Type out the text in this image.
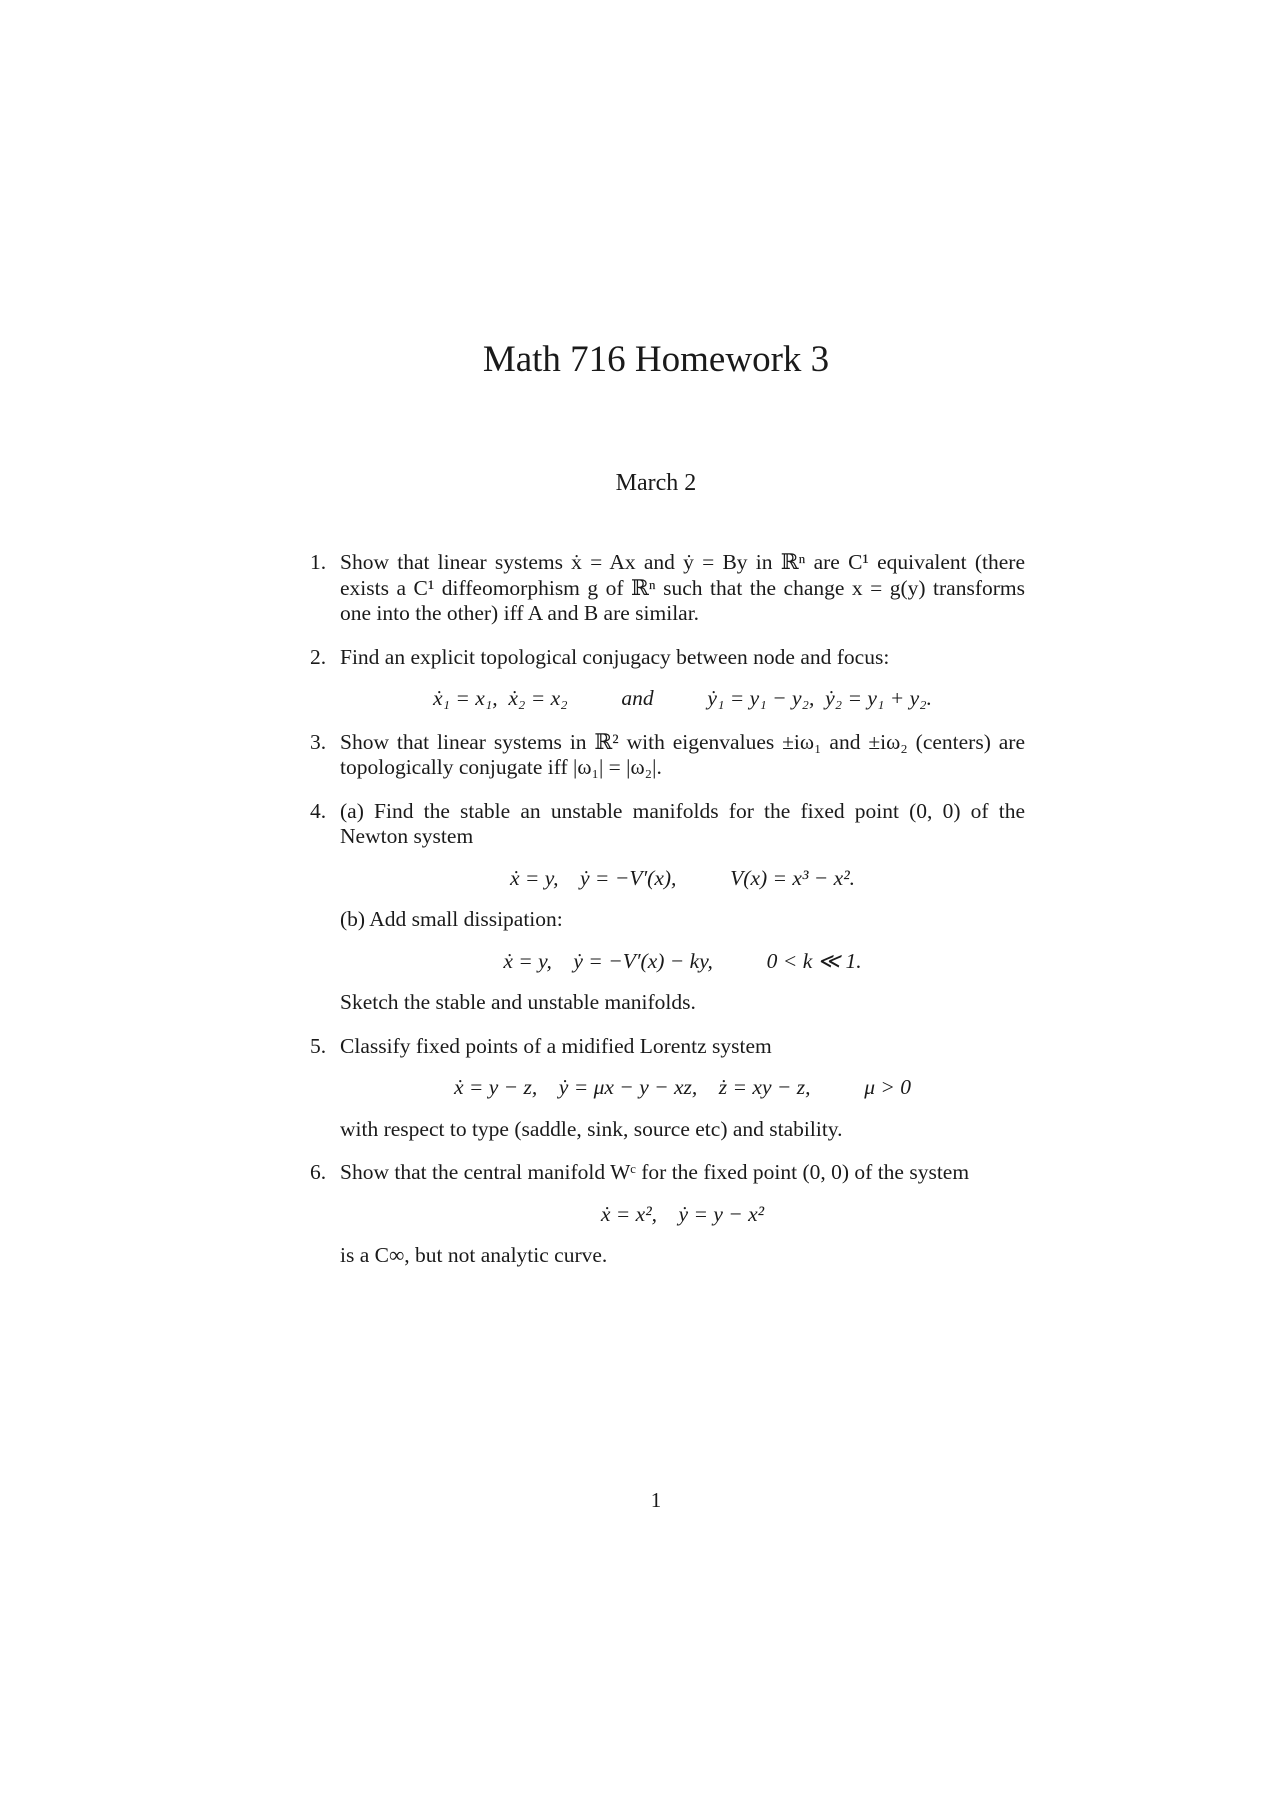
Math 716 Homework 3
March 2
1. Show that linear systems ẋ = Ax and ẏ = By in ℝⁿ are C¹ equivalent (there exists a C¹ diffeomorphism g of ℝⁿ such that the change x = g(y) transforms one into the other) iff A and B are similar.

2. Find an explicit topological conjugacy between node and focus:

ẋ₁ = x₁,  ẋ₂ = x₂          and          ẏ₁ = y₁ − y₂,  ẏ₂ = y₁ + y₂.
3. Show that linear systems in ℝ² with eigenvalues ±iω₁ and ±iω₂ (centers) are topologically conjugate iff |ω₁| = |ω₂|.

4. (a) Find the stable an unstable manifolds for the fixed point (0, 0) of the Newton system

ẋ = y,    ẏ = −V′(x),          V(x) = x³ − x².

(b) Add small dissipation:

ẋ = y,    ẏ = −V′(x) − ky,          0 < k ≪ 1.

Sketch the stable and unstable manifolds.

5. Classify fixed points of a midified Lorentz system

ẋ = y − z,    ẏ = μx − y − xz,    ż = xy − z,          μ > 0

with respect to type (saddle, sink, source etc) and stability.

6. Show that the central manifold Wᶜ for the fixed point (0, 0) of the system

ẋ = x²,    ẏ = y − x²

is a C∞, but not analytic curve.

1
